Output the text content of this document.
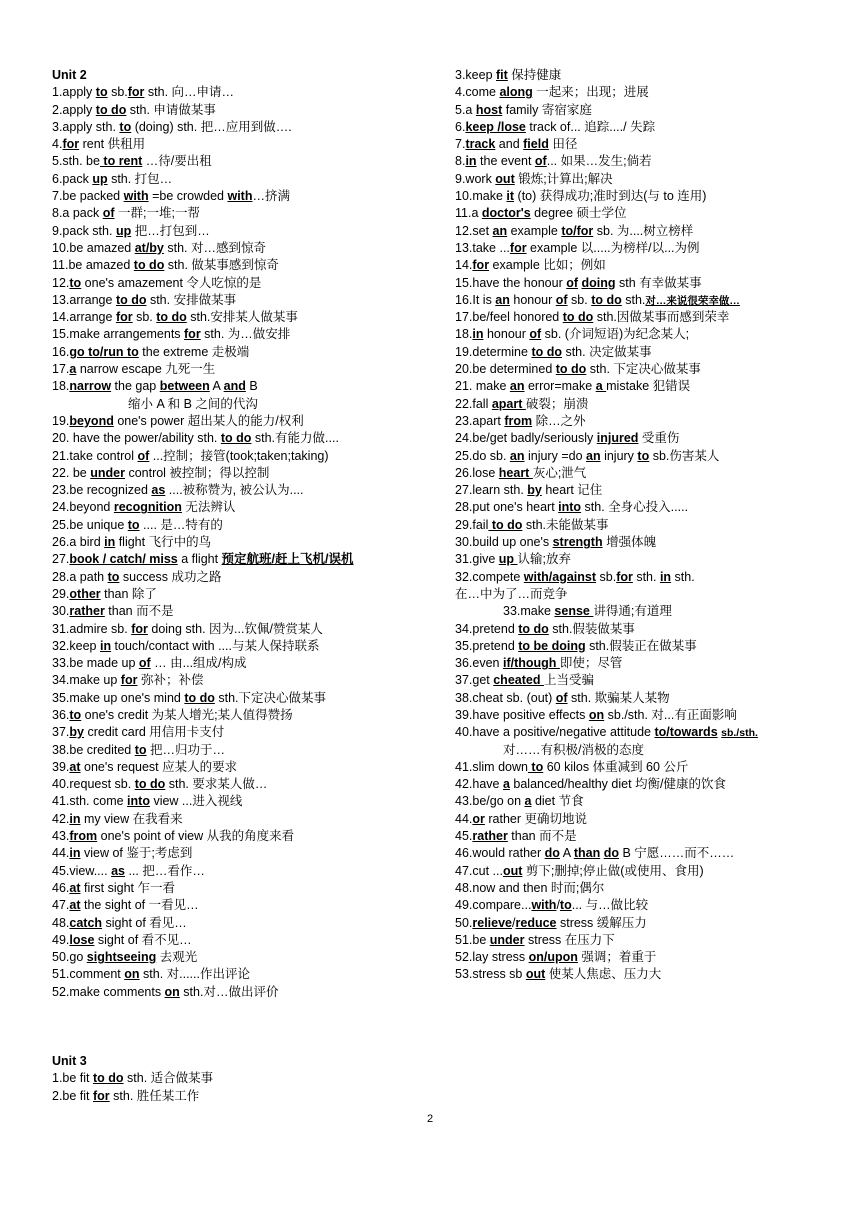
Unit 2
1.apply to sb.for sth. 向…申请…
2.apply to do sth. 申请做某事
3.apply sth. to (doing) sth. 把…应用到做….
4.for rent 供租用
5.sth. be to rent …待/要出租
6.pack up sth. 打包…
7.be packed with =be crowded with…挤满
8.a pack of 一群;一堆;一帮
9.pack sth. up 把…打包到…
10.be amazed at/by sth. 对…感到惊奇
11.be amazed to do sth. 做某事感到惊奇
12.to one's amazement 令人吃惊的是
13.arrange to do sth. 安排做某事
14.arrange for sb. to do sth.安排某人做某事
15.make arrangements for sth. 为…做安排
16.go to/run to the extreme 走极端
17.a narrow escape 九死一生
18.narrow the gap between A and B
缩小 A 和 B 之间的代沟
19.beyond one's power 超出某人的能力/权利
20. have the power/ability sth. to do sth.有能力做....
21.take control of ...控制；接管(took;taken;taking)
22. be under control 被控制；得以控制
23.be recognized as ....被称赞为, 被公认为....
24.beyond recognition 无法辨认
25.be unique to .... 是…特有的
26.a bird in flight 飞行中的鸟
27.book / catch/ miss a flight 预定航班/赶上飞机/误机
28.a path to success 成功之路
29.other than 除了
30.rather than 而不是
31.admire sb. for doing sth. 因为...钦佩/赞赏某人
32.keep in touch/contact with ....与某人保持联系
33.be made up of … 由...组成/构成
34.make up for 弥补；补偿
35.make up one's mind to do sth.下定决心做某事
36.to one's credit 为某人增光;某人值得赞扬
37.by credit card 用信用卡支付
38.be credited to 把…归功于…
39.at one's request 应某人的要求
40.request sb. to do sth. 要求某人做…
41.sth. come into view ...进入视线
42.in my view 在我看来
43.from one's point of view 从我的角度来看
44.in view of 鉴于;考虑到
45.view.... as ... 把…看作…
46.at first sight 乍一看
47.at the sight of 一看见…
48.catch sight of 看见…
49.lose sight of 看不见…
50.go sightseeing 去观光
51.comment on sth. 对......作出评论
52.make comments on sth.对…做出评价
Unit 3
1.be fit to do sth. 适合做某事
2.be fit for sth. 胜任某工作
3.keep fit 保持健康
4.come along 一起来；出现；进展
5.a host family 寄宿家庭
6.keep /lose track of... 追踪..../ 失踪
7.track and field 田径
8.in the event of... 如果…发生;倘若
9.work out 锻炼;计算出;解决
10.make it (to) 获得成功;准时到达(与 to 连用)
11.a doctor's degree 硕士学位
12.set an example to/for sb. 为....树立榜样
13.take ...for example 以.....为榜样/以...为例
14.for example 比如；例如
15.have the honour of doing sth 有幸做某事
16.It is an honour of sb. to do sth.对…来说很荣幸做…
17.be/feel honored to do sth.因做某事而感到荣幸
18.in honour of sb. (介词短语)为纪念某人;
19.determine to do sth. 决定做某事
20.be determined to do sth. 下定决心做某事
21. make an error=make a mistake 犯错误
22.fall apart 破裂；崩溃
23.apart from 除…之外
24.be/get badly/seriously injured 受重伤
25.do sb. an injury =do an injury to sb.伤害某人
26.lose heart 灰心;泄气
27.learn sth. by heart 记住
28.put one's heart into sth. 全身心投入.....
29.fail to do sth.未能做某事
30.build up one's strength 增强体魄
31.give up 认输;放弃
32.compete with/against sb.for sth. in sth.
在…中为了…而竞争
33.make sense 讲得通;有道理
34.pretend to do sth.假装做某事
35.pretend to be doing sth.假装正在做某事
36.even if/though 即使；尽管
37.get cheated 上当受骗
38.cheat sb. (out) of sth. 欺骗某人某物
39.have positive effects on sb./sth. 对...有正面影响
40.have a positive/negative attitude to/towards sb./sth.
对……有积极/消极的态度
41.slim down to 60 kilos 体重减到 60 公斤
42.have a balanced/healthy diet 均衡/健康的饮食
43.be/go on a diet 节食
44.or rather 更确切地说
45.rather than 而不是
46.would rather do A than do B 宁愿……而不……
47.cut ...out 剪下;删掉;停止做(或使用、食用)
48.now and then 时而;偶尔
49.compare...with/to... 与…做比较
50.relieve/reduce stress 缓解压力
51.be under stress 在压力下
52.lay stress on/upon 强调；着重于
53.stress sb out 使某人焦虑、压力大
2
